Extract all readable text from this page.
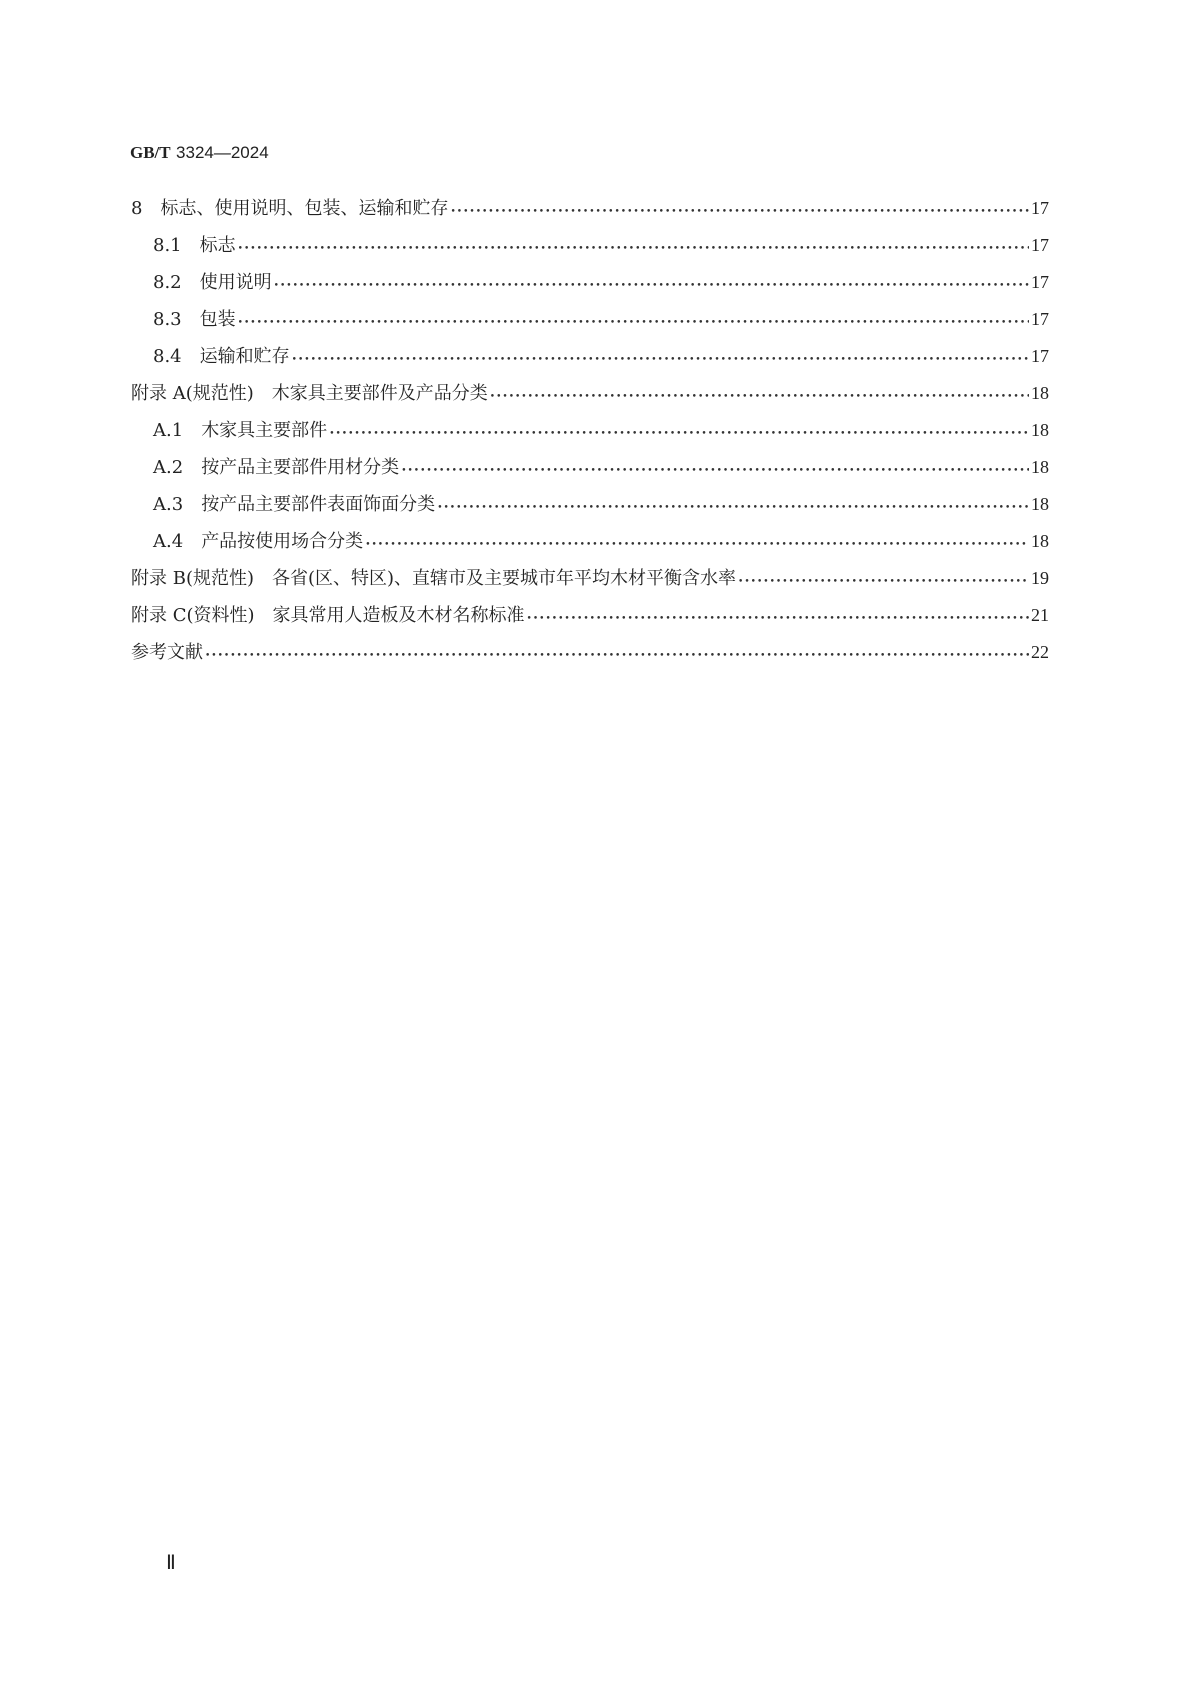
GB/T 3324—2024
8 标志、使用说明、包装、运输和贮存 •••••	17
8.1 标志 •••••	17
8.2 使用说明 •••••	17
8.3 包装 •••••	17
8.4 运输和贮存 •••••	17
附录 A(规范性) 木家具主要部件及产品分类 •••••	18
A.1 木家具主要部件 •••••	18
A.2 按产品主要部件用材分类 •••••	18
A.3 按产品主要部件表面饰面分类 •••••	18
A.4 产品按使用场合分类 •••••	18
附录 B(规范性) 各省(区、特区)、直辖市及主要城市年平均木材平衡含水率 •••••	19
附录 C(资料性) 家具常用人造板及木材名称标准 •••••	21
参考文献 •••••	22
Ⅱ
